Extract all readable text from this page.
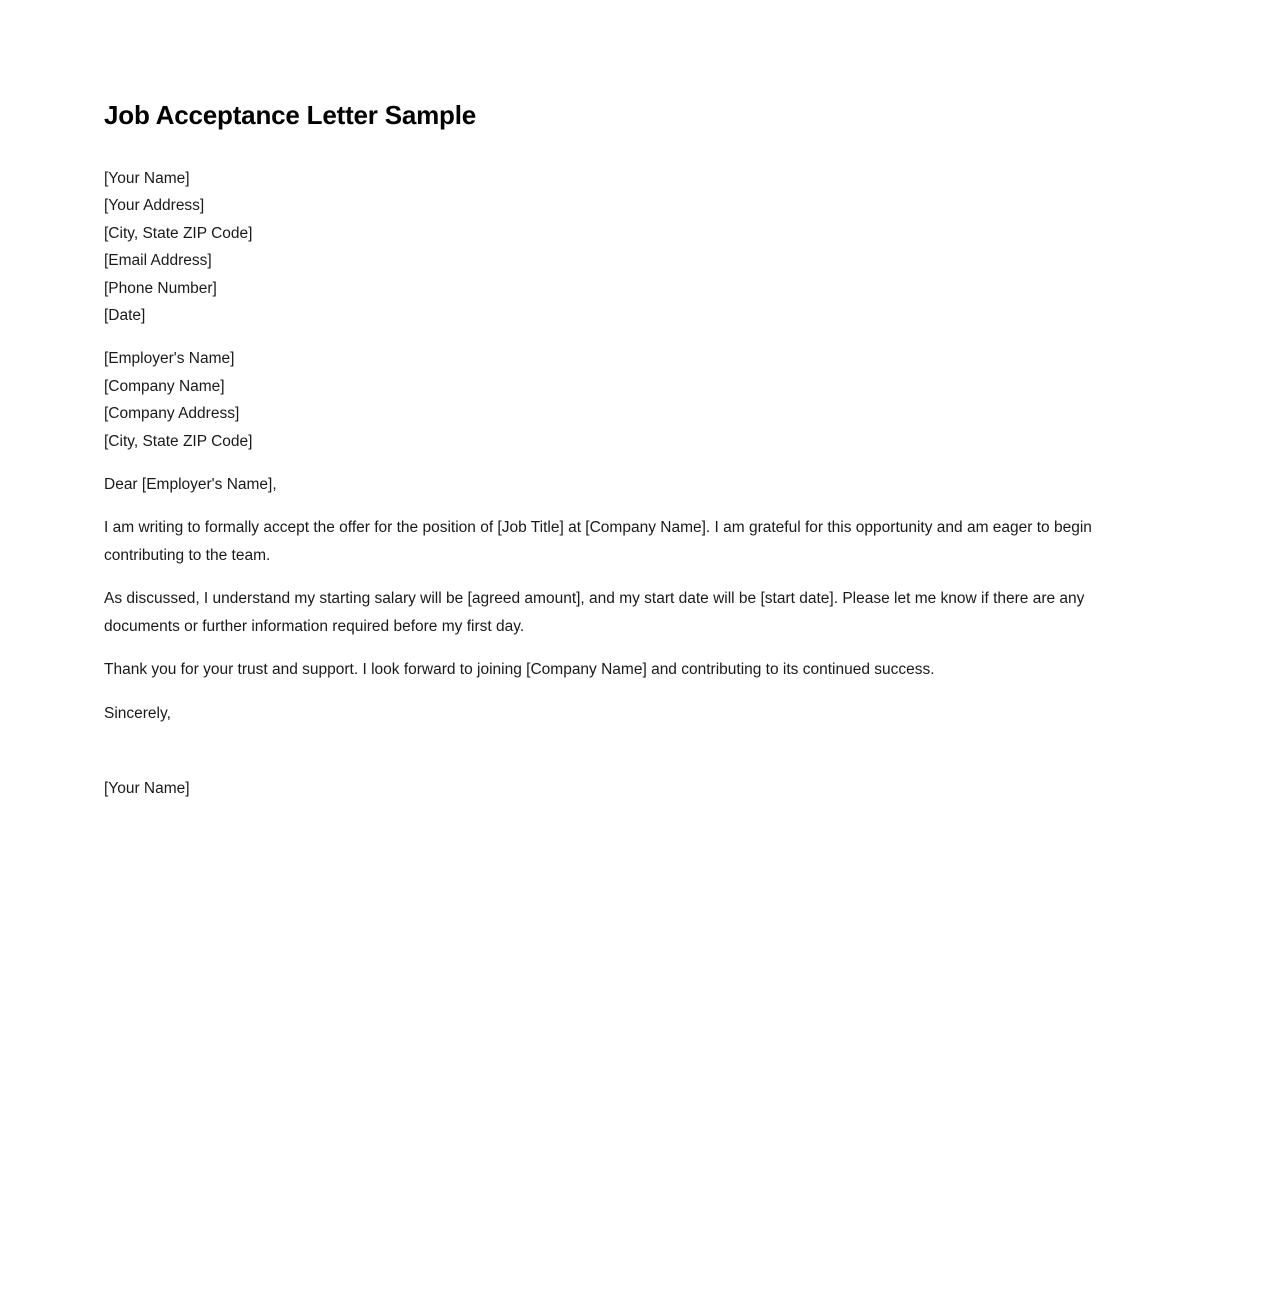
Job Acceptance Letter Sample
[Your Name]
[Your Address]
[City, State ZIP Code]
[Email Address]
[Phone Number]
[Date]
[Employer's Name]
[Company Name]
[Company Address]
[City, State ZIP Code]
Dear [Employer's Name],

I am writing to formally accept the offer for the position of [Job Title] at [Company Name]. I am grateful for this opportunity and am eager to begin contributing to the team.

As discussed, I understand my starting salary will be [agreed amount], and my start date will be [start date]. Please let me know if there are any documents or further information required before my first day.

Thank you for your trust and support. I look forward to joining [Company Name] and contributing to its continued success.

Sincerely,
[Your Name]
